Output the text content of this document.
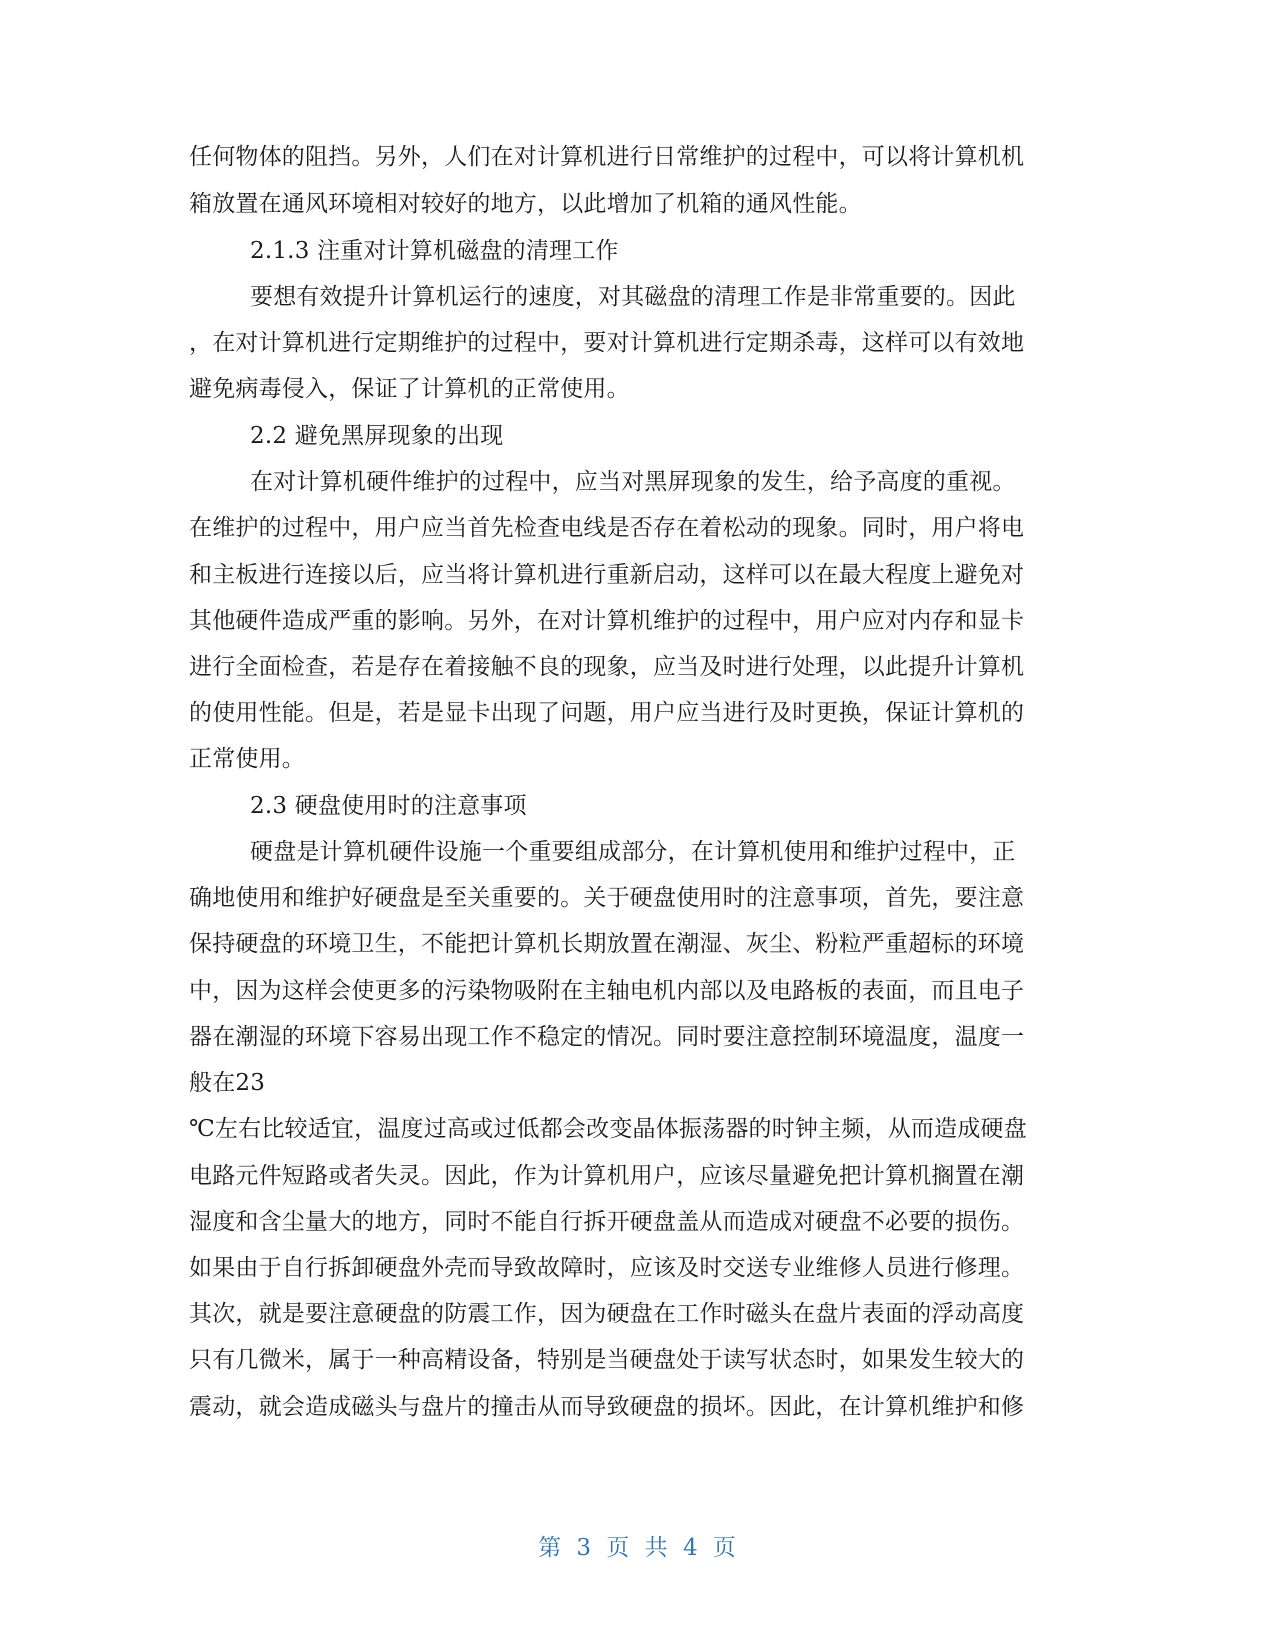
任何物体的阻挡。另外，人们在对计算机进行日常维护的过程中，可以将计算机机
箱放置在通风环境相对较好的地方，以此增加了机箱的通风性能。
2.1.3 注重对计算机磁盘的清理工作
要想有效提升计算机运行的速度，对其磁盘的清理工作是非常重要的。因此
，在对计算机进行定期维护的过程中，要对计算机进行定期杀毒，这样可以有效地
避免病毒侵入，保证了计算机的正常使用。
2.2 避免黑屏现象的出现
在对计算机硬件维护的过程中，应当对黑屏现象的发生，给予高度的重视。
在维护的过程中，用户应当首先检查电线是否存在着松动的现象。同时，用户将电
和主板进行连接以后，应当将计算机进行重新启动，这样可以在最大程度上避免对
其他硬件造成严重的影响。另外，在对计算机维护的过程中，用户应对内存和显卡
进行全面检查，若是存在着接触不良的现象，应当及时进行处理，以此提升计算机
的使用性能。但是，若是显卡出现了问题，用户应当进行及时更换，保证计算机的
正常使用。
2.3 硬盘使用时的注意事项
硬盘是计算机硬件设施一个重要组成部分，在计算机使用和维护过程中，正
确地使用和维护好硬盘是至关重要的。关于硬盘使用时的注意事项，首先，要注意
保持硬盘的环境卫生，不能把计算机长期放置在潮湿、灰尘、粉粒严重超标的环境
中，因为这样会使更多的污染物吸附在主轴电机内部以及电路板的表面，而且电子
器在潮湿的环境下容易出现工作不稳定的情况。同时要注意控制环境温度，温度一
般在23
℃左右比较适宜，温度过高或过低都会改变晶体振荡器的时钟主频，从而造成硬盘
电路元件短路或者失灵。因此，作为计算机用户，应该尽量避免把计算机搁置在潮
湿度和含尘量大的地方，同时不能自行拆开硬盘盖从而造成对硬盘不必要的损伤。
如果由于自行拆卸硬盘外壳而导致故障时，应该及时交送专业维修人员进行修理。
其次，就是要注意硬盘的防震工作，因为硬盘在工作时磁头在盘片表面的浮动高度
只有几微米，属于一种高精设备，特别是当硬盘处于读写状态时，如果发生较大的
震动，就会造成磁头与盘片的撞击从而导致硬盘的损坏。因此，在计算机维护和修
第 3 页 共 4 页
